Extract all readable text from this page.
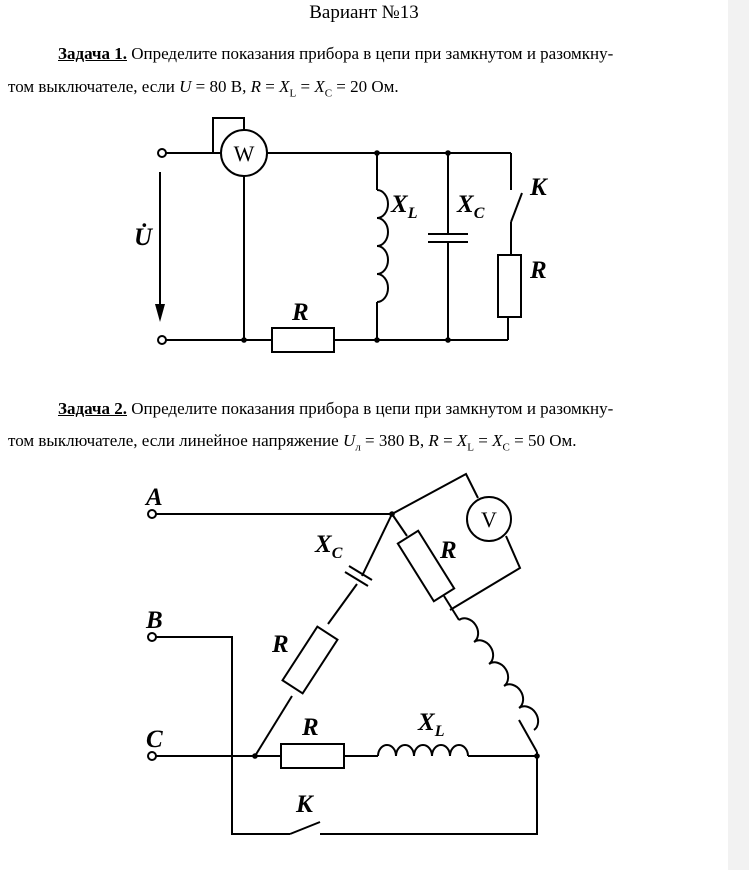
Вариант №13
Задача 1. Определите показания прибора в цепи при замкнутом и разомкну-
том выключателе, если U = 80 В, $R = X_L = X_C = 20$ Ом.
Задача 2. Определите показания прибора в цепи при замкнутом и разомкну-
том выключателе, если линейное напряжение $U_л = 380$ В, $R = X_L = X_C = 50$ Ом.
W
U̇
$X_L$ $X_C$
K
R
R
A
B
C
V
$X_C$	R
R
R	$X_L$
К
